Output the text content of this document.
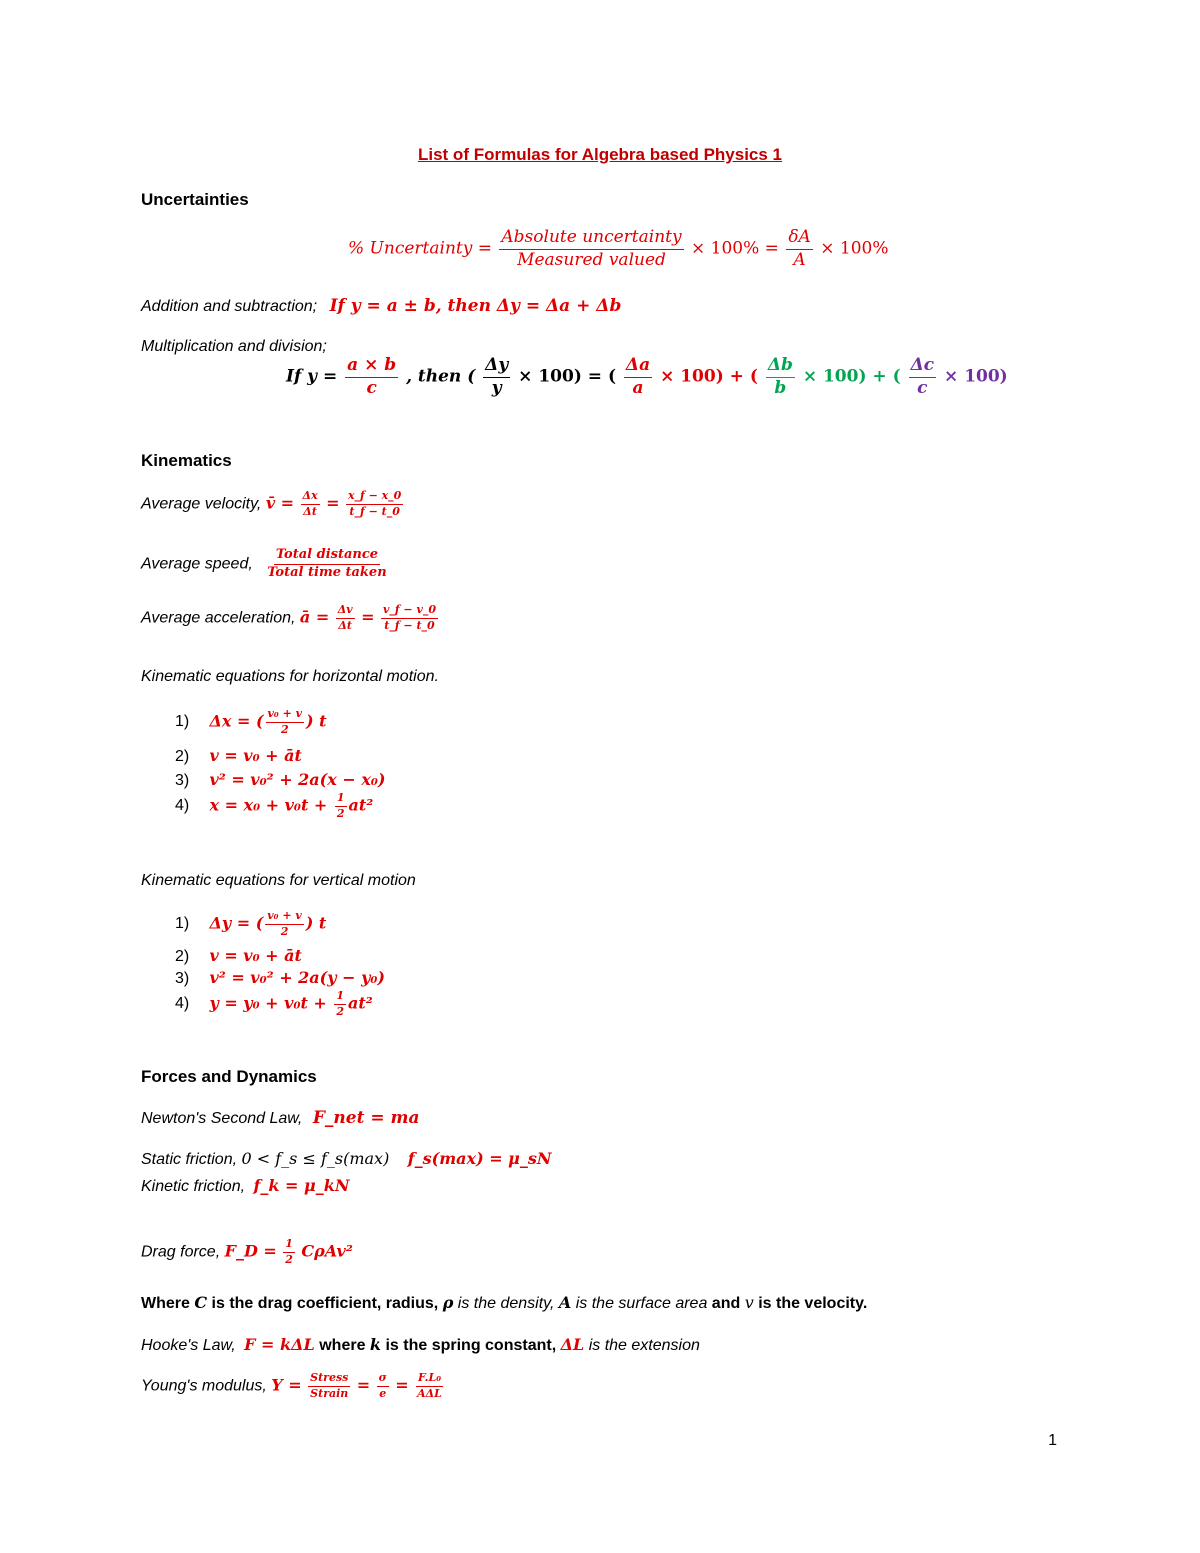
List of Formulas for Algebra based Physics 1
Uncertainties
% Uncertainty = $\frac{\text{Absolute uncertainty}}{\text{Measured valued}} \times 100\% = \frac{\delta A}{A} \times 100\%$
Addition and subtraction; If y = a ± b, then Δy = Δa + Δb
Multiplication and division;
If $y = \frac{a \times b}{c}$ , then ( $\frac{\Delta y}{y} \times 100$) = ( $\frac{\Delta a}{a} \times 100$) + ( $\frac{\Delta b}{b} \times 100$) + ( $\frac{\Delta c}{c} \times 100$)
Kinematics
Average velocity, v̄ = $\frac{\Delta x}{\Delta t} = \frac{x\_f - x\_0}{t\_f - t\_0}$
Average speed, $\frac{\text{Total distance}}{\text{Total time taken}}$
Average acceleration, ā = $\frac{\Delta v}{\Delta t} = \frac{v\_f - v\_0}{t\_f - t\_0}$
Kinematic equations for horizontal motion.
1) Δx = ( $\frac{\text{v₀ + v}}{2}$ ) t
2) v = v₀ + āt
3) v² = v₀² + 2a(x − x₀)
4) $x = x_0 + v_0t + \frac{1}{2} at^2$
Kinematic equations for vertical motion
1) Δy = ( $\frac{\text{v₀ + v}}{2}$ ) t
2) v = v₀ + āt
3) v² = v₀² + 2a(y − y₀)
4) $y = y_0 + v_0t + \frac{1}{2} at^2$
Forces and Dynamics
Newton's Second Law, F_net = ma
Static friction, 0 < f_s ≤ f_s(max) f_s(max) = μ_sN
Kinetic friction, f_k = μ_kN
Drag force, F_D = $\frac{1}{2} C\rho Av^2$
Where C is the drag coefficient, radius, ρ is the density, A is the surface area and v is the velocity.
Hooke's Law, F = kΔL where k is the spring constant, ΔL is the extension
Young's modulus, $Y = \frac{\text{Stress}}{\text{Strain}} = \frac{\sigma}{e} = \frac{\text{F.L₀}}{\text{AΔL}}$
1
